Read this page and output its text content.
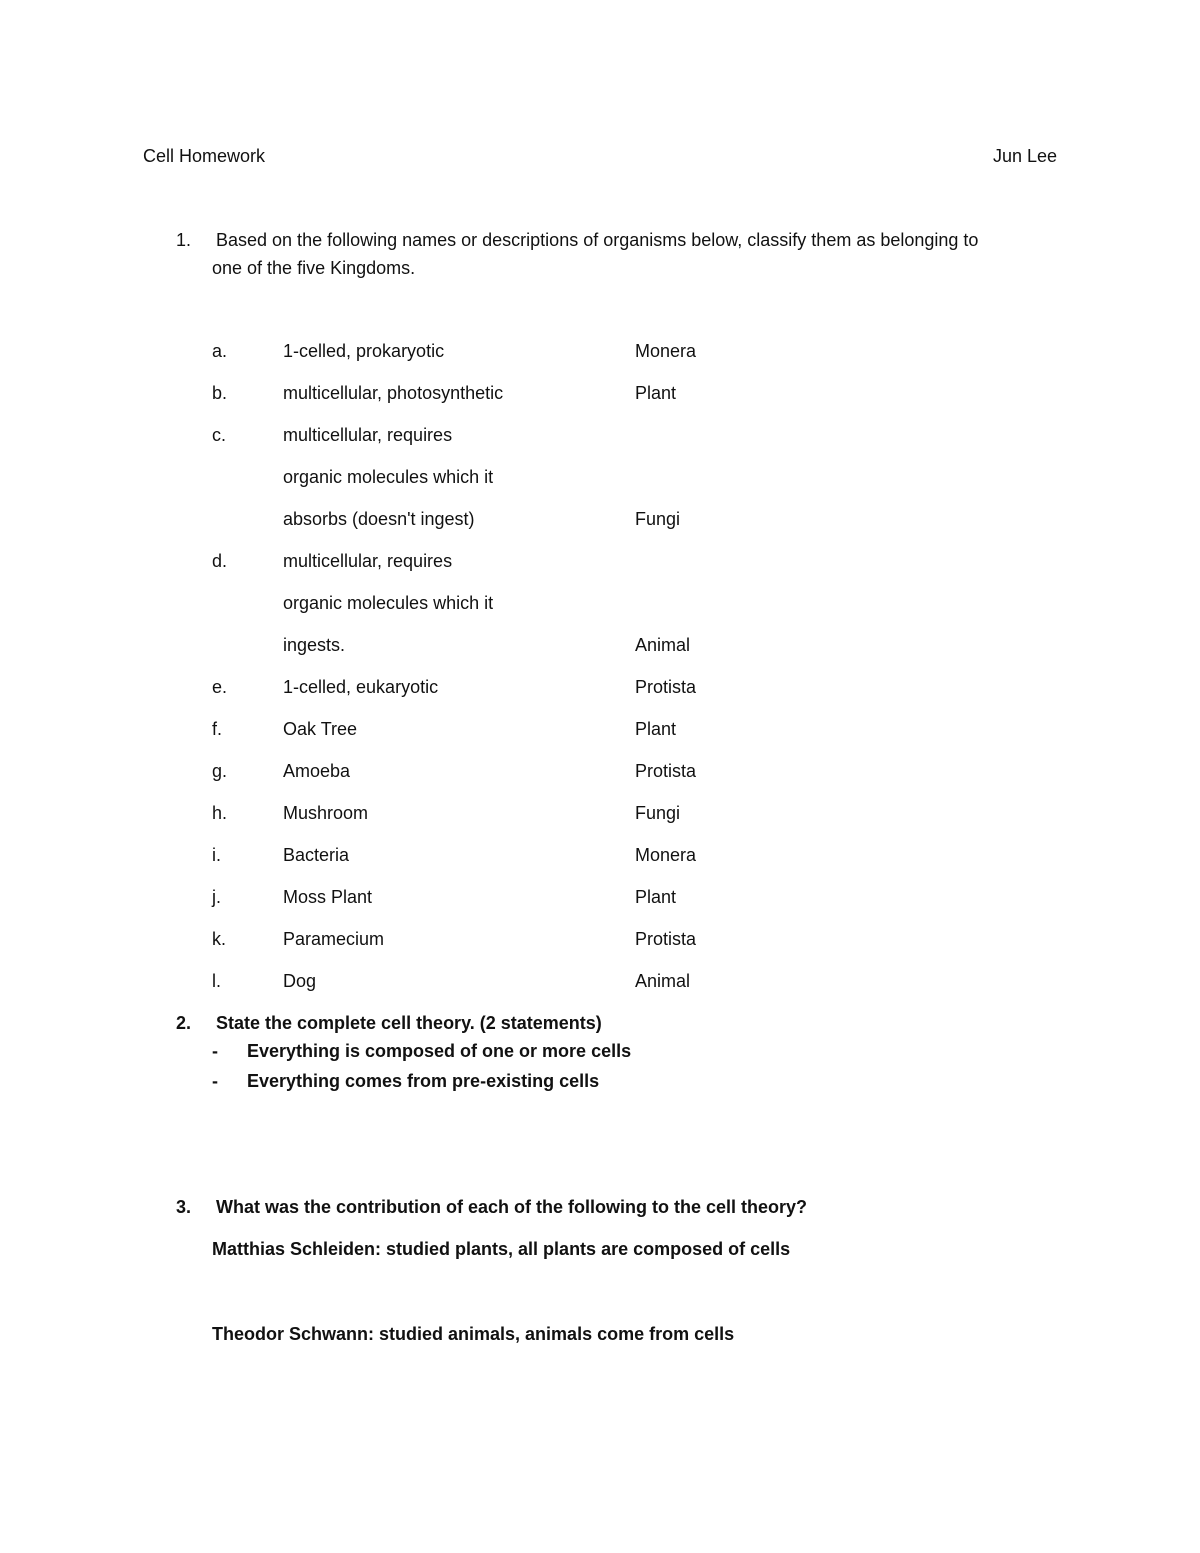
Cell Homework	Jun Lee
1. Based on the following names or descriptions of organisms below, classify them as belonging to
one of the five Kingdoms.
a.	1-celled, prokaryotic	Monera
b.	multicellular, photosynthetic	Plant
c.	multicellular, requires
organic molecules which it
absorbs (doesn't ingest)	Fungi
d.	multicellular, requires
organic molecules which it
ingests.	Animal
e.	1-celled, eukaryotic	Protista
f.	Oak Tree	Plant
g.	Amoeba	Protista
h.	Mushroom	Fungi
i.	Bacteria	Monera
j.	Moss Plant	Plant
k.	Paramecium	Protista
l.	Dog	Animal
2. State the complete cell theory. (2 statements)
- Everything is composed of one or more cells
- Everything comes from pre-existing cells
3. What was the contribution of each of the following to the cell theory?
Matthias Schleiden: studied plants, all plants are composed of cells
Theodor Schwann: studied animals, animals come from cells
